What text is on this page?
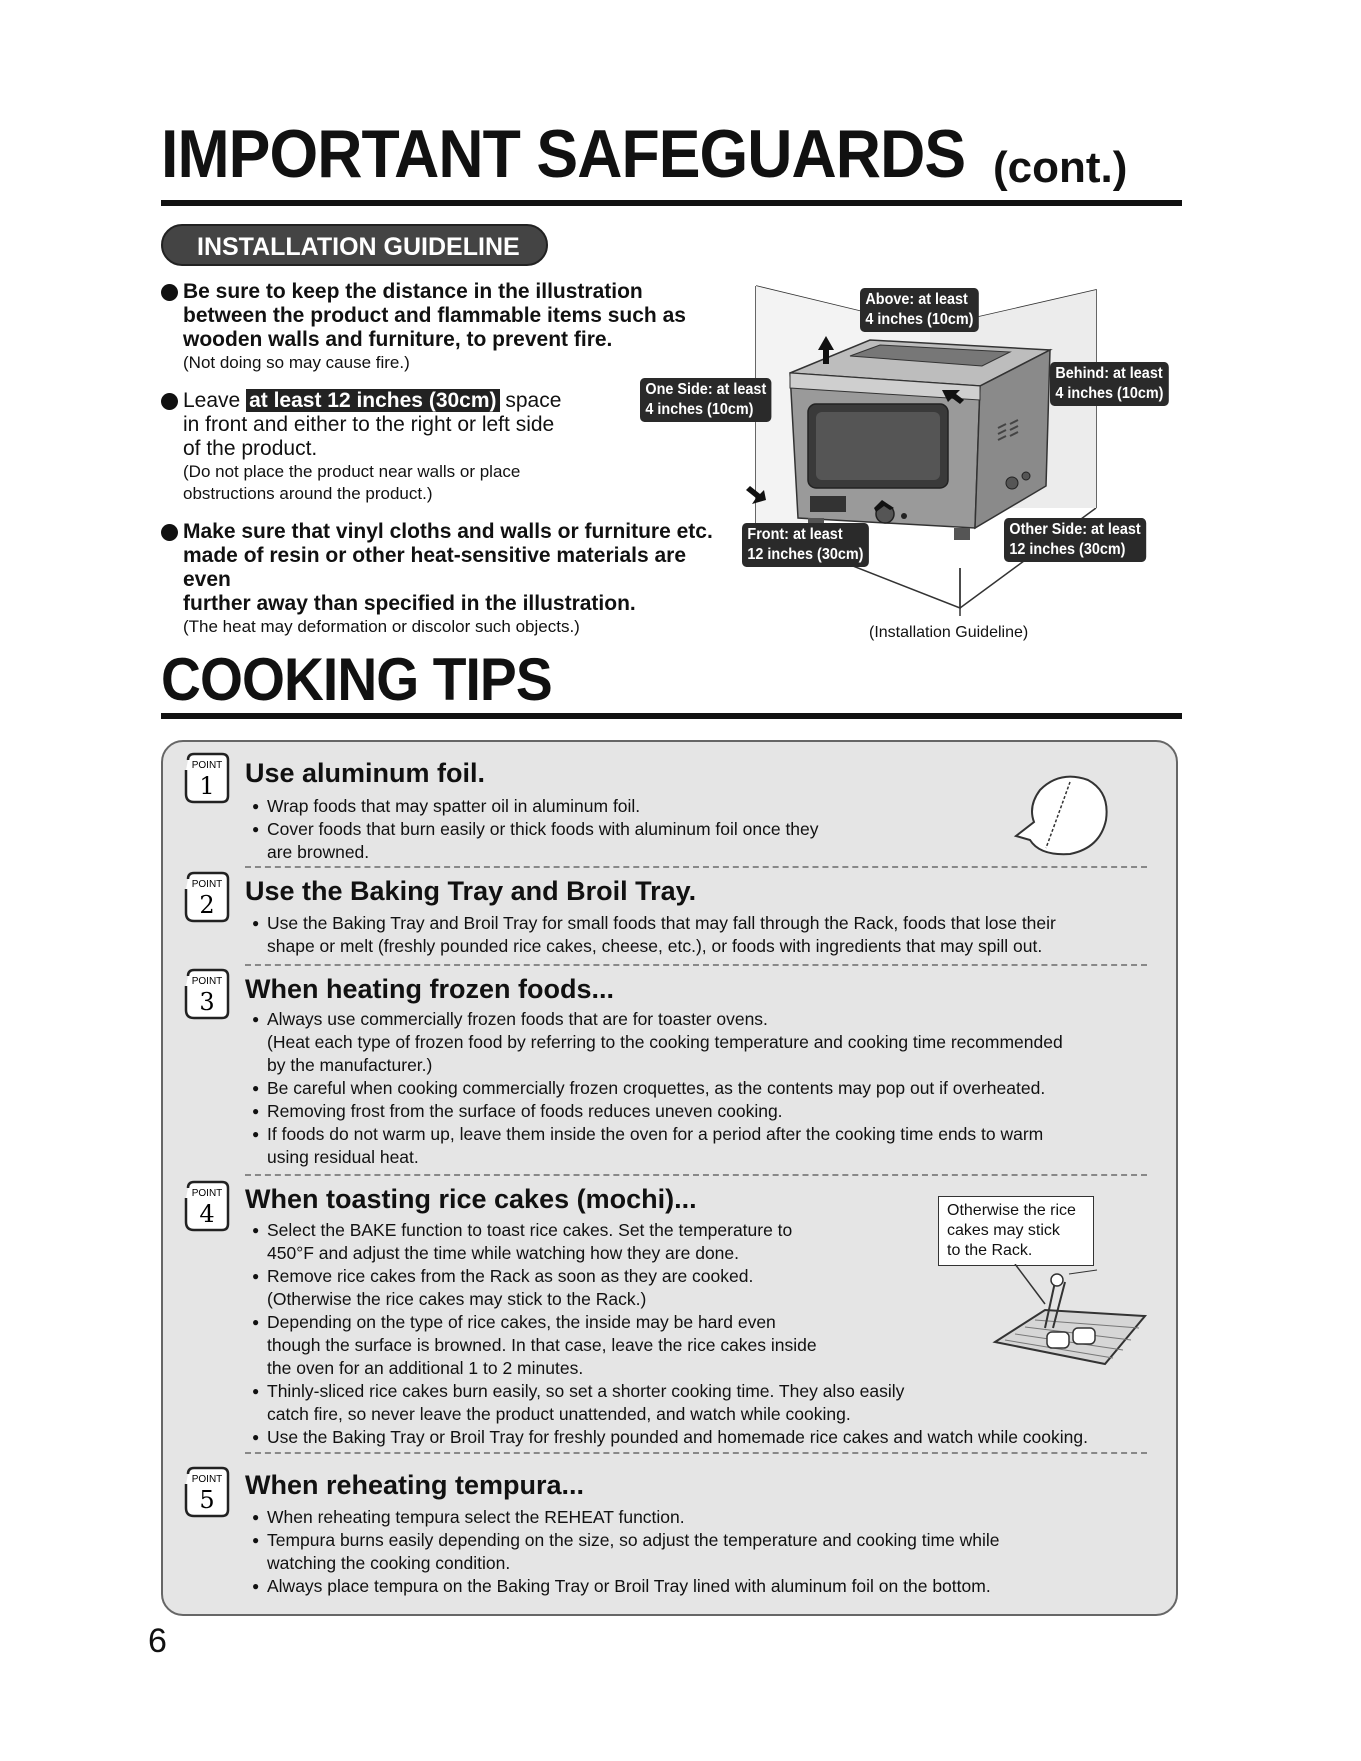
IMPORTANT SAFEGUARDS (cont.)
INSTALLATION GUIDELINE
Be sure to keep the distance in the illustration
between the product and flammable items such as
wooden walls and furniture, to prevent fire.
(Not doing so may cause fire.)
Leave at least 12 inches (30cm) space
in front and either to the right or left side
of the product.
(Do not place the product near walls or place
obstructions around the product.)
Make sure that vinyl cloths and walls or furniture etc.
made of resin or other heat-sensitive materials are even
further away than specified in the illustration.
(The heat may deformation or discolor such objects.)
Above: at least
4 inches (10cm)
Behind: at least
4 inches (10cm)
One Side: at least
4 inches (10cm)
Front: at least
12 inches (30cm)
Other Side: at least
12 inches (30cm)
(Installation Guideline)
COOKING TIPS
POINT
1
POINT
2
POINT
3
POINT
4
POINT
5
Use aluminum foil.
● Wrap foods that may spatter oil in aluminum foil.
● Cover foods that burn easily or thick foods with aluminum foil once they
are browned.
Use the Baking Tray and Broil Tray.
● Use the Baking Tray and Broil Tray for small foods that may fall through the Rack, foods that lose their
shape or melt (freshly pounded rice cakes, cheese, etc.), or foods with ingredients that may spill out.
When heating frozen foods...
● Always use commercially frozen foods that are for toaster ovens.
(Heat each type of frozen food by referring to the cooking temperature and cooking time recommended
by the manufacturer.)
● Be careful when cooking commercially frozen croquettes, as the contents may pop out if overheated.
● Removing frost from the surface of foods reduces uneven cooking.
● If foods do not warm up, leave them inside the oven for a period after the cooking time ends to warm
using residual heat.
When toasting rice cakes (mochi)...
● Select the BAKE function to toast rice cakes. Set the temperature to
450°F and adjust the time while watching how they are done.
● Remove rice cakes from the Rack as soon as they are cooked.
(Otherwise the rice cakes may stick to the Rack.)
● Depending on the type of rice cakes, the inside may be hard even
though the surface is browned. In that case, leave the rice cakes inside
the oven for an additional 1 to 2 minutes.
● Thinly-sliced rice cakes burn easily, so set a shorter cooking time. They also easily
catch fire, so never leave the product unattended, and watch while cooking.
● Use the Baking Tray or Broil Tray for freshly pounded and homemade rice cakes and watch while cooking.
Otherwise the rice
cakes may stick
to the Rack.
When reheating tempura...
● When reheating tempura select the REHEAT function.
● Tempura burns easily depending on the size, so adjust the temperature and cooking time while
watching the cooking condition.
● Always place tempura on the Baking Tray or Broil Tray lined with aluminum foil on the bottom.
6
